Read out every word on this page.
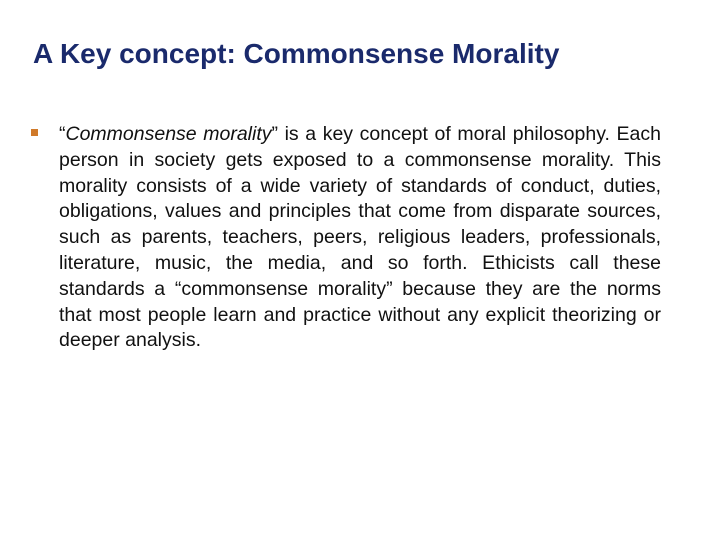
A Key concept: Commonsense Morality
“Commonsense morality” is a key concept of moral philosophy. Each person in society gets exposed to a commonsense morality. This morality consists of a wide variety of standards of conduct, duties, obligations, values and principles that come from disparate sources, such as parents, teachers, peers, religious leaders, professionals, literature, music, the media, and so forth. Ethicists call these standards a “commonsense morality” because they are the norms that most people learn and practice without any explicit theorizing or deeper analysis.
